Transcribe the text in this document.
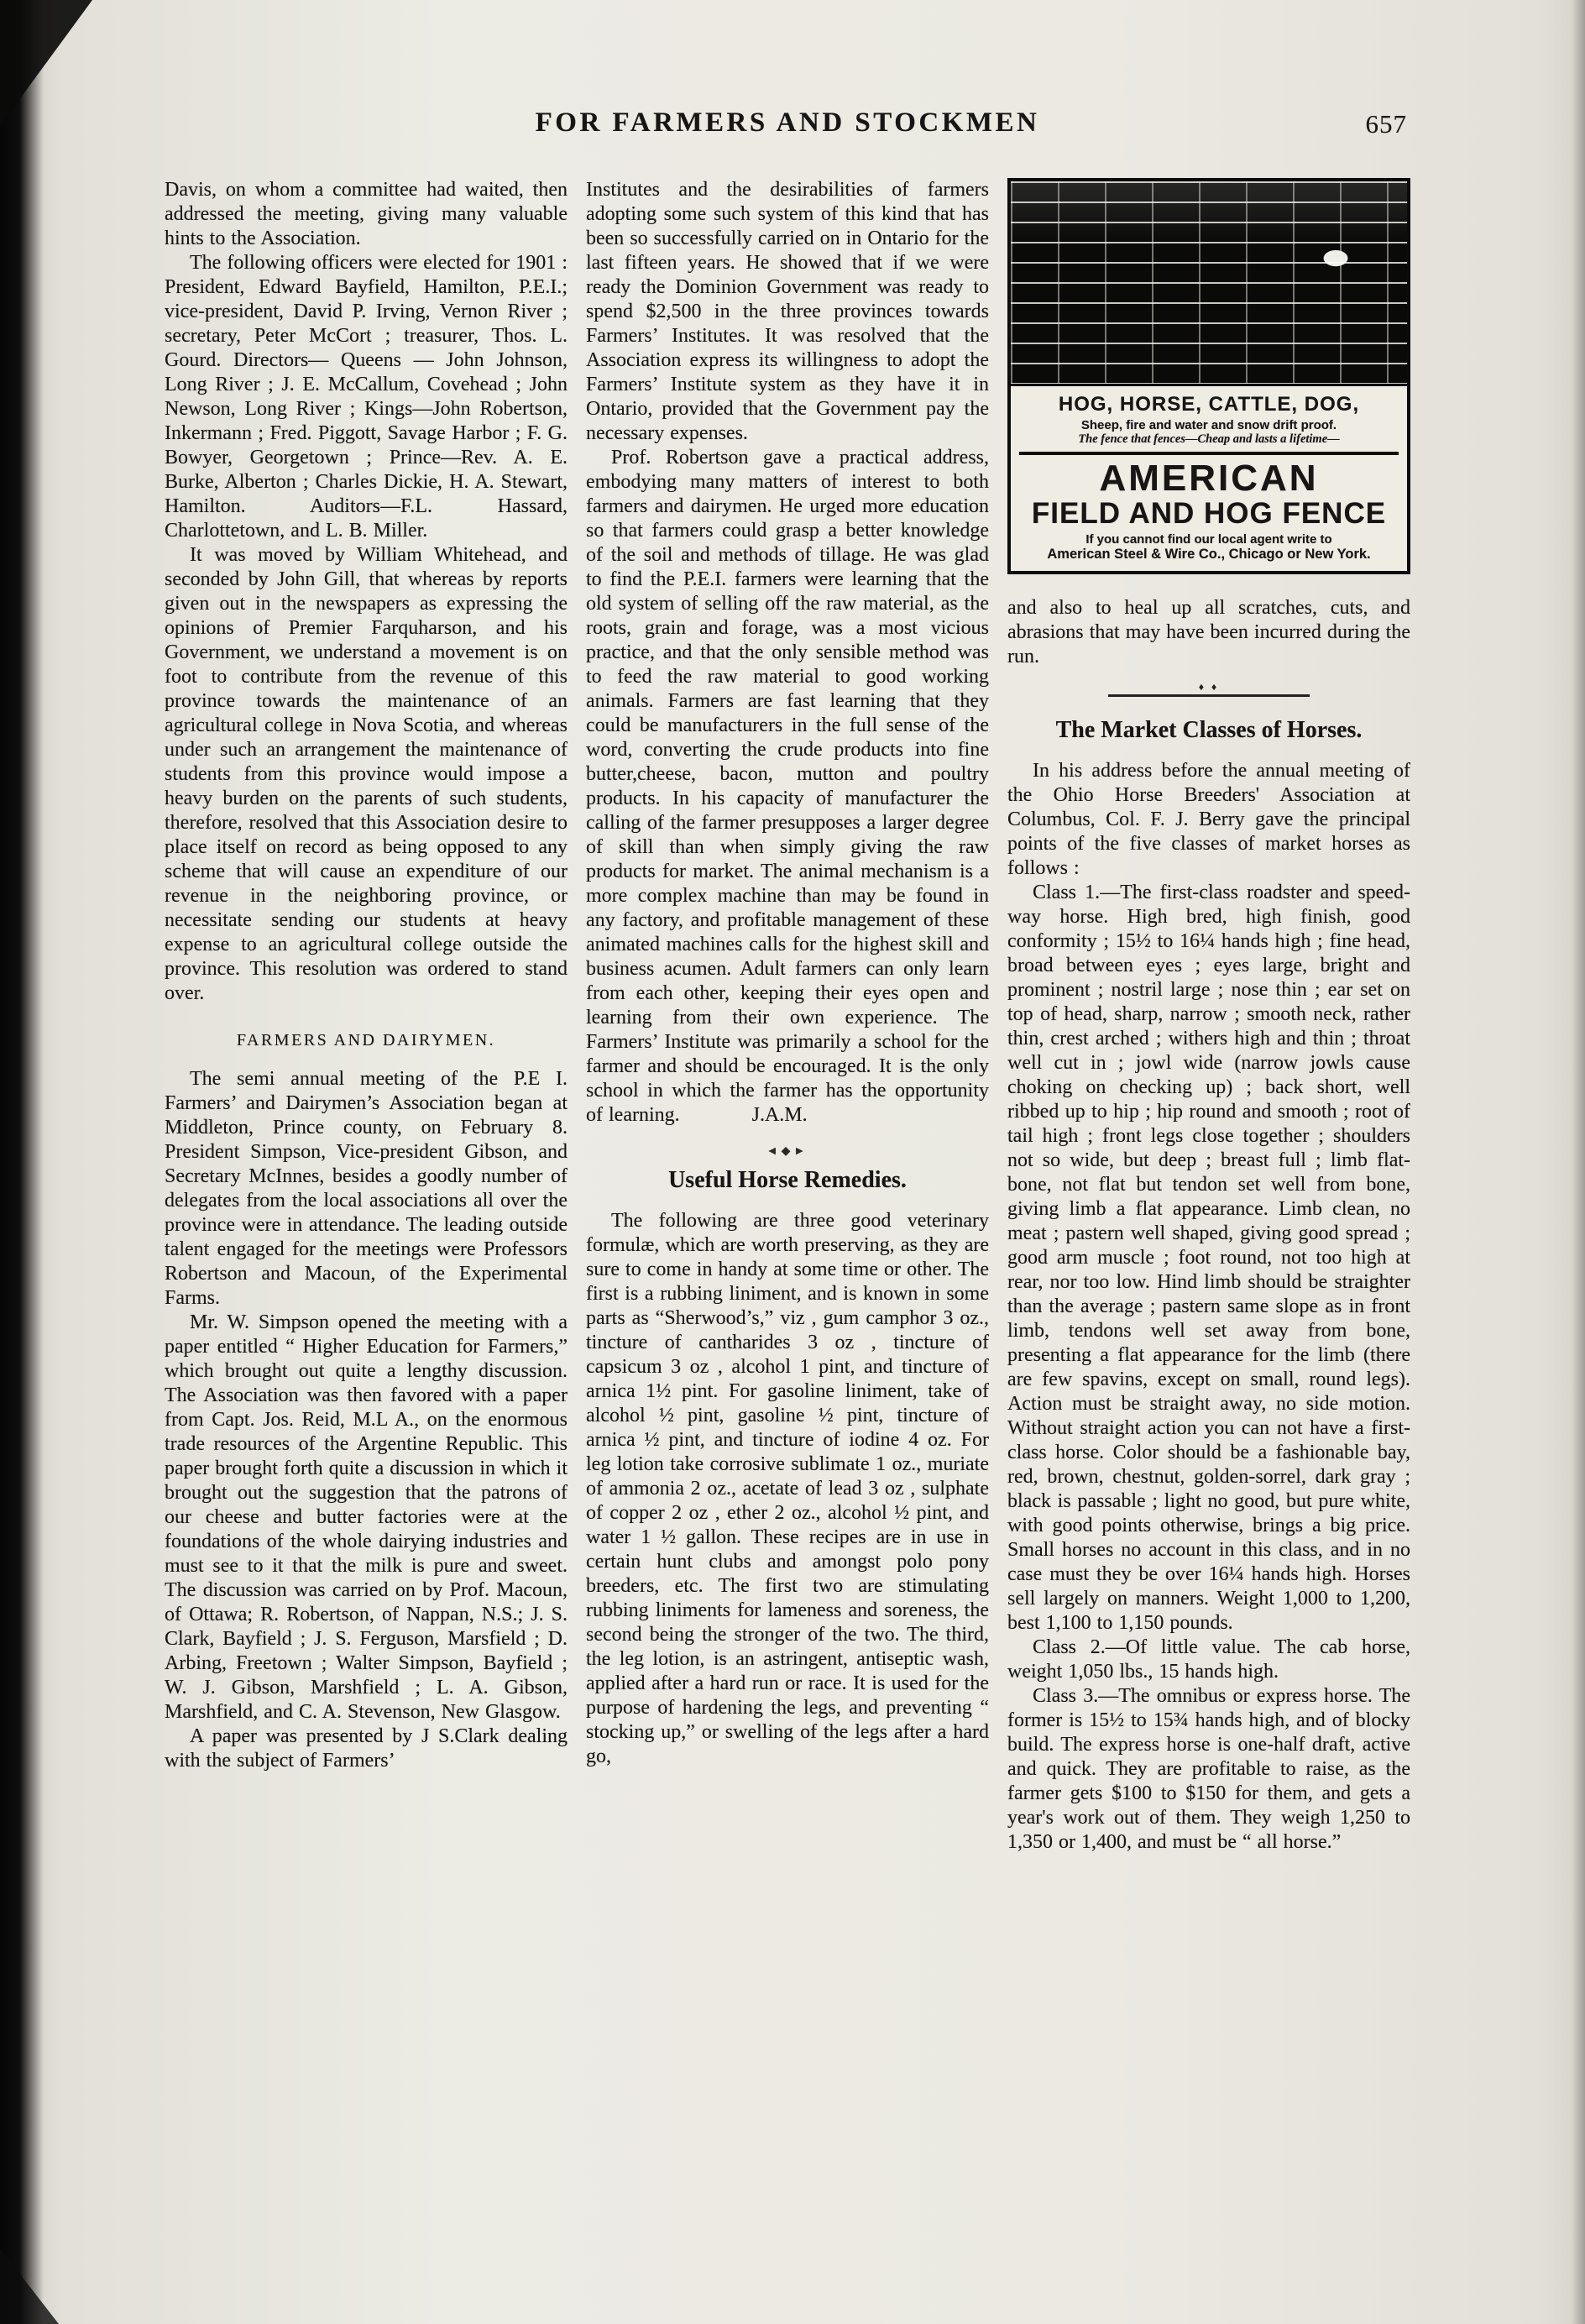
FOR FARMERS AND STOCKMEN	657

Davis, on whom a committee had waited, then addressed the meeting, giving many valuable hints to the Association.

The following officers were elected for 1901 : President, Edward Bayfield, Hamilton, P.E.I.; vice-president, David P. Irving, Vernon River ; secretary, Peter McCort ; treasurer, Thos. L. Gourd. Directors— Queens — John Johnson, Long River ; J. E. McCallum, Covehead ; John Newson, Long River ; Kings—John Robertson, Inkermann ; Fred. Piggott, Savage Harbor ; F. G. Bowyer, Georgetown ; Prince—Rev. A. E. Burke, Alberton ; Charles Dickie, H. A. Stewart, Hamilton. Auditors—F.L. Hassard, Charlottetown, and L. B. Miller.

It was moved by William Whitehead, and seconded by John Gill, that whereas by reports given out in the newspapers as expressing the opinions of Premier Farquharson, and his Government, we understand a movement is on foot to contribute from the revenue of this province towards the maintenance of an agricultural college in Nova Scotia, and whereas under such an arrangement the maintenance of students from this province would impose a heavy burden on the parents of such students, therefore, resolved that this Association desire to place itself on record as being opposed to any scheme that will cause an expenditure of our revenue in the neighboring province, or necessitate sending our students at heavy expense to an agricultural college outside the province. This resolution was ordered to stand over.

FARMERS AND DAIRYMEN.

The semi annual meeting of the P.E I. Farmers’ and Dairymen’s Association began at Middleton, Prince county, on February 8. President Simpson, Vice-president Gibson, and Secretary McInnes, besides a goodly number of delegates from the local associations all over the province were in attendance. The leading outside talent engaged for the meetings were Professors Robertson and Macoun, of the Experimental Farms.

Mr. W. Simpson opened the meeting with a paper entitled “ Higher Education for Farmers,” which brought out quite a lengthy discussion. The Association was then favored with a paper from Capt. Jos. Reid, M.L A., on the enormous trade resources of the Argentine Republic. This paper brought forth quite a discussion in which it brought out the suggestion that the patrons of our cheese and butter factories were at the foundations of the whole dairying industries and must see to it that the milk is pure and sweet. The discussion was carried on by Prof. Macoun, of Ottawa; R. Robertson, of Nappan, N.S.; J. S. Clark, Bayfield ; J. S. Ferguson, Marsfield ; D. Arbing, Freetown ; Walter Simpson, Bayfield ; W. J. Gibson, Marshfield ; L. A. Gibson, Marshfield, and C. A. Stevenson, New Glasgow.

A paper was presented by J S.Clark dealing with the subject of Farmers’

Institutes and the desirabilities of farmers adopting some such system of this kind that has been so successfully carried on in Ontario for the last fifteen years. He showed that if we were ready the Dominion Government was ready to spend $2,500 in the three provinces towards Farmers’ Institutes. It was resolved that the Association express its willingness to adopt the Farmers’ Institute system as they have it in Ontario, provided that the Government pay the necessary expenses.

Prof. Robertson gave a practical address, embodying many matters of interest to both farmers and dairymen. He urged more education so that farmers could grasp a better knowledge of the soil and methods of tillage. He was glad to find the P.E.I. farmers were learning that the old system of selling off the raw material, as the roots, grain and forage, was a most vicious practice, and that the only sensible method was to feed the raw material to good working animals. Farmers are fast learning that they could be manufacturers in the full sense of the word, converting the crude products into fine butter,cheese, bacon, mutton and poultry products. In his capacity of manufacturer the calling of the farmer presupposes a larger degree of skill than when simply giving the raw products for market. The animal mechanism is a more complex machine than may be found in any factory, and profitable management of these animated machines calls for the highest skill and business acumen. Adult farmers can only learn from each other, keeping their eyes open and learning from their own experience. The Farmers’ Institute was primarily a school for the farmer and should be encouraged. It is the only school in which the farmer has the opportunity of learning.	J.A.M.

◄◆►
Useful Horse Remedies.

The following are three good veterinary formulæ, which are worth preserving, as they are sure to come in handy at some time or other. The first is a rubbing liniment, and is known in some parts as “Sherwood’s,” viz , gum camphor 3 oz., tincture of cantharides 3 oz , tincture of capsicum 3 oz , alcohol 1 pint, and tincture of arnica 1½ pint. For gasoline liniment, take of alcohol ½ pint, gasoline ½ pint, tincture of arnica ½ pint, and tincture of iodine 4 oz. For leg lotion take corrosive sublimate 1 oz., muriate of ammonia 2 oz., acetate of lead 3 oz , sulphate of copper 2 oz , ether 2 oz., alcohol ½ pint, and water 1 ½ gallon. These recipes are in use in certain hunt clubs and amongst polo pony breeders, etc. The first two are stimulating rubbing liniments for lameness and soreness, the second being the stronger of the two. The third, the leg lotion, is an astringent, antiseptic wash, applied after a hard run or race. It is used for the purpose of hardening the legs, and preventing “ stocking up,” or swelling of the legs after a hard go,

HOG, HORSE, CATTLE, DOG,
Sheep, fire and water and snow drift proof.
The fence that fences—Cheap and lasts a lifetime—
AMERICAN
FIELD AND HOG FENCE
If you cannot find our local agent write to
American Steel & Wire Co., Chicago or New York.

and also to heal up all scratches, cuts, and abrasions that may have been incurred during the run.

♦ ♦
The Market Classes of Horses.

In his address before the annual meeting of the Ohio Horse Breeders' Association at Columbus, Col. F. J. Berry gave the principal points of the five classes of market horses as follows :

Class 1.—The first-class roadster and speed-way horse. High bred, high finish, good conformity ; 15½ to 16¼ hands high ; fine head, broad between eyes ; eyes large, bright and prominent ; nostril large ; nose thin ; ear set on top of head, sharp, narrow ; smooth neck, rather thin, crest arched ; withers high and thin ; throat well cut in ; jowl wide (narrow jowls cause choking on checking up) ; back short, well ribbed up to hip ; hip round and smooth ; root of tail high ; front legs close together ; shoulders not so wide, but deep ; breast full ; limb flat-bone, not flat but tendon set well from bone, giving limb a flat appearance. Limb clean, no meat ; pastern well shaped, giving good spread ; good arm muscle ; foot round, not too high at rear, nor too low. Hind limb should be straighter than the average ; pastern same slope as in front limb, tendons well set away from bone, presenting a flat appearance for the limb (there are few spavins, except on small, round legs). Action must be straight away, no side motion. Without straight action you can not have a first-class horse. Color should be a fashionable bay, red, brown, chestnut, golden-sorrel, dark gray ; black is passable ; light no good, but pure white, with good points otherwise, brings a big price. Small horses no account in this class, and in no case must they be over 16¼ hands high. Horses sell largely on manners. Weight 1,000 to 1,200, best 1,100 to 1,150 pounds.

Class 2.—Of little value. The cab horse, weight 1,050 lbs., 15 hands high.

Class 3.—The omnibus or express horse. The former is 15½ to 15¾ hands high, and of blocky build. The express horse is one-half draft, active and quick. They are profitable to raise, as the farmer gets $100 to $150 for them, and gets a year's work out of them. They weigh 1,250 to 1,350 or 1,400, and must be “ all horse.”
